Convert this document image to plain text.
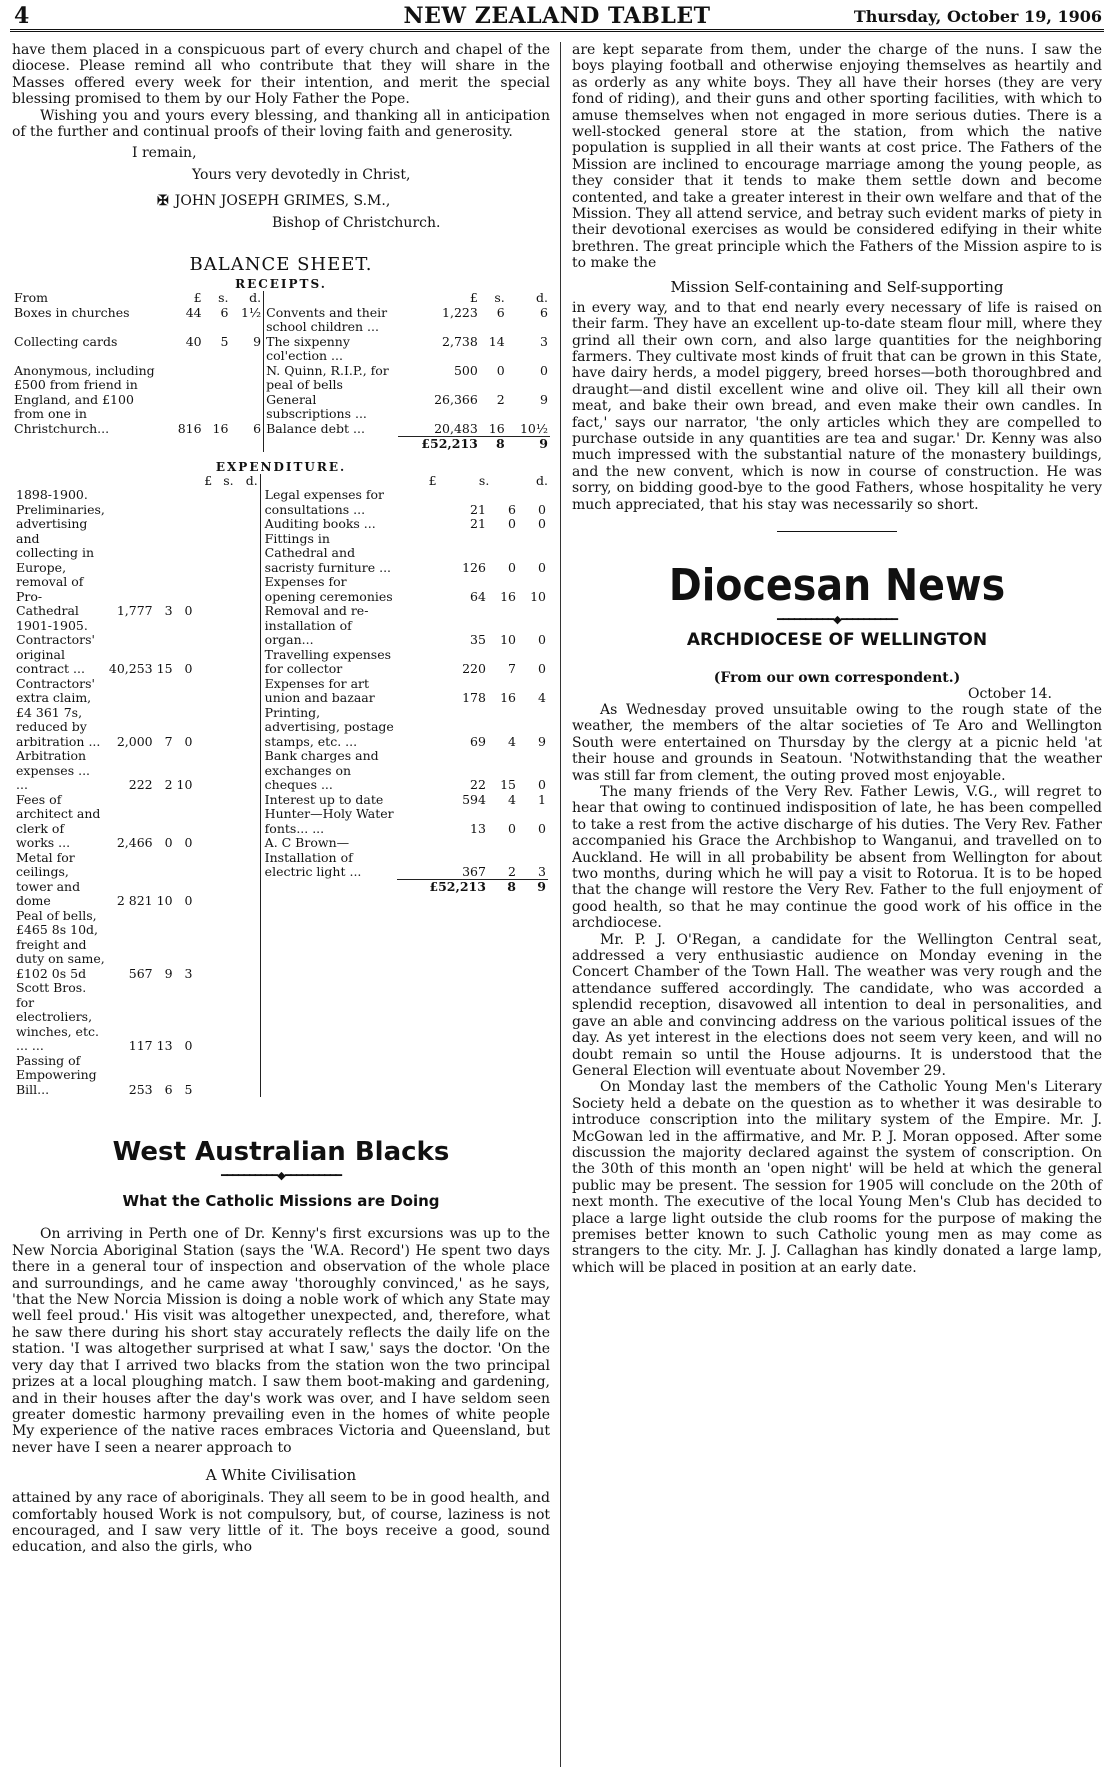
4	NEW ZEALAND TABLET	Thursday, October 19, 1906

have them placed in a conspicuous part of every church and chapel of the diocese. Please remind all who contribute that they will share in the Masses offered every week for their intention, and merit the special blessing promised to them by our Holy Father the Pope.

Wishing you and yours every blessing, and thanking all in anticipation of the further and continual proofs of their loving faith and generosity.

I remain,
Yours very devotedly in Christ,
✠ JOHN JOSEPH GRIMES, S.M.,
Bishop of Christchurch.
BALANCE SHEET.
RECEIPTS.
From	£	s.	d.		£	s.	d.
Boxes in churches	44	6	1½	Convents and their school children ...	1,223	6	6
Collecting cards	40	5	9	The sixpenny col'ection ...	2,738	14	3
Anonymous, including £500 from friend in England, and £100 from one in Christchurch...	816	16	6	N. Quinn, R.I.P., for peal of bells	500	0	0
				General subscriptions ...	26,366	2	9
				Balance debt ...	20,483	16	10½
					£52,213	8	9
EXPENDITURE.
	£	s.	d.		£	s.	d.

1898-1900. Preliminaries, advertising and collecting in Europe, removal of Pro-Cathedral	1,777	3	0
1901-1905. Contractors' original contract ...	40,253	15	0
Contractors' extra claim, £4 361 7s, reduced by arbitration ...	2,000	7	0
Arbitration expenses ... ...	222	2	10
Fees of architect and clerk of works ...	2,466	0	0
Metal for ceilings, tower and dome	2 821	10	0
Peal of bells, £465 8s 10d, freight and duty on same, £102 0s 5d	567	9	3
Scott Bros. for electroliers, winches, etc. ... ...	117	13	0
Passing of Empowering Bill...	253	6	5

Legal expenses for consultations ...	21	6	0
Auditing books ...	21	0	0
Fittings in Cathedral and sacristy furniture ...	126	0	0
Expenses for opening ceremonies	64	16	10
Removal and re-installation of organ...	35	10	0
Travelling expenses for collector	220	7	0
Expenses for art union and bazaar	178	16	4
Printing, advertising, postage stamps, etc. ...	69	4	9
Bank charges and exchanges on cheques ...	22	15	0
Interest up to date	594	4	1
Hunter—Holy Water fonts... ...	13	0	0
A. C Brown—Installation of electric light ...	367	2	3
	£52,213	8	9
West Australian Blacks
━━━━━━━━━━◆━━━━━━━━━━
What the Catholic Missions are Doing

On arriving in Perth one of Dr. Kenny's first excursions was up to the New Norcia Aboriginal Station (says the 'W.A. Record') He spent two days there in a general tour of inspection and observation of the whole place and surroundings, and he came away 'thoroughly convinced,' as he says, 'that the New Norcia Mission is doing a noble work of which any State may well feel proud.' His visit was altogether unexpected, and, therefore, what he saw there during his short stay accurately reflects the daily life on the station. 'I was altogether surprised at what I saw,' says the doctor. 'On the very day that I arrived two blacks from the station won the two principal prizes at a local ploughing match. I saw them boot-making and gardening, and in their houses after the day's work was over, and I have seldom seen greater domestic harmony prevailing even in the homes of white people My experience of the native races embraces Victoria and Queensland, but never have I seen a nearer approach to

A White Civilisation

attained by any race of aboriginals. They all seem to be in good health, and comfortably housed Work is not compulsory, but, of course, laziness is not encouraged, and I saw very little of it. The boys receive a good, sound education, and also the girls, who

are kept separate from them, under the charge of the nuns. I saw the boys playing football and otherwise enjoying themselves as heartily and as orderly as any white boys. They all have their horses (they are very fond of riding), and their guns and other sporting facilities, with which to amuse themselves when not engaged in more serious duties. There is a well-stocked general store at the station, from which the native population is supplied in all their wants at cost price. The Fathers of the Mission are inclined to encourage marriage among the young people, as they consider that it tends to make them settle down and become contented, and take a greater interest in their own welfare and that of the Mission. They all attend service, and betray such evident marks of piety in their devotional exercises as would be considered edifying in their white brethren. The great principle which the Fathers of the Mission aspire to is to make the

Mission Self-containing and Self-supporting

in every way, and to that end nearly every necessary of life is raised on their farm. They have an excellent up-to-date steam flour mill, where they grind all their own corn, and also large quantities for the neighboring farmers. They cultivate most kinds of fruit that can be grown in this State, have dairy herds, a model piggery, breed horses—both thoroughbred and draught—and distil excellent wine and olive oil. They kill all their own meat, and bake their own bread, and even make their own candles. In fact,' says our narrator, 'the only articles which they are compelled to purchase outside in any quantities are tea and sugar.' Dr. Kenny was also much impressed with the substantial nature of the monastery buildings, and the new convent, which is now in course of construction. He was sorry, on bidding good-bye to the good Fathers, whose hospitality he very much appreciated, that his stay was necessarily so short.

Diocesan News
━━━━━━━━━━◆━━━━━━━━━━
ARCHDIOCESE OF WELLINGTON
(From our own correspondent.)
October 14.

As Wednesday proved unsuitable owing to the rough state of the weather, the members of the altar societies of Te Aro and Wellington South were entertained on Thursday by the clergy at a picnic held 'at their house and grounds in Seatoun. 'Notwithstanding that the weather was still far from clement, the outing proved most enjoyable.

The many friends of the Very Rev. Father Lewis, V.G., will regret to hear that owing to continued indisposition of late, he has been compelled to take a rest from the active discharge of his duties. The Very Rev. Father accompanied his Grace the Archbishop to Wanganui, and travelled on to Auckland. He will in all probability be absent from Wellington for about two months, during which he will pay a visit to Rotorua. It is to be hoped that the change will restore the Very Rev. Father to the full enjoyment of good health, so that he may continue the good work of his office in the archdiocese.

Mr. P. J. O'Regan, a candidate for the Wellington Central seat, addressed a very enthusiastic audience on Monday evening in the Concert Chamber of the Town Hall. The weather was very rough and the attendance suffered accordingly. The candidate, who was accorded a splendid reception, disavowed all intention to deal in personalities, and gave an able and convincing address on the various political issues of the day. As yet interest in the elections does not seem very keen, and will no doubt remain so until the House adjourns. It is understood that the General Election will eventuate about November 29.

On Monday last the members of the Catholic Young Men's Literary Society held a debate on the question as to whether it was desirable to introduce conscription into the military system of the Empire. Mr. J. McGowan led in the affirmative, and Mr. P. J. Moran opposed. After some discussion the majority declared against the system of conscription. On the 30th of this month an 'open night' will be held at which the general public may be present. The session for 1905 will conclude on the 20th of next month. The executive of the local Young Men's Club has decided to place a large light outside the club rooms for the purpose of making the premises better known to such Catholic young men as may come as strangers to the city. Mr. J. J. Callaghan has kindly donated a large lamp, which will be placed in position at an early date.
